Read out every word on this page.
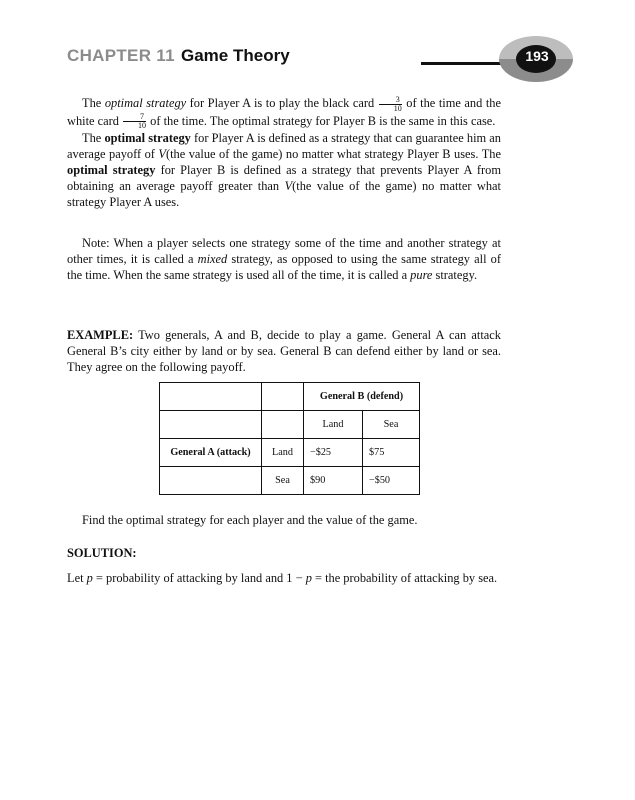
CHAPTER 11 Game Theory	193

The optimal strategy for Player A is to play the black card $\frac{3}{10}$ of the time and the white card $\frac{7}{10}$ of the time. The optimal strategy for Player B is the same in this case.

The optimal strategy for Player A is defined as a strategy that can guarantee him an average payoff of V(the value of the game) no matter what strategy Player B uses. The optimal strategy for Player B is defined as a strategy that prevents Player A from obtaining an average payoff greater than V(the value of the game) no matter what strategy Player A uses.

Note: When a player selects one strategy some of the time and another strategy at other times, it is called a mixed strategy, as opposed to using the same strategy all of the time. When the same strategy is used all of the time, it is called a pure strategy.

EXAMPLE: Two generals, A and B, decide to play a game. General A can attack General B’s city either by land or by sea. General B can defend either by land or sea. They agree on the following payoff.

		General B (defend)	
		Land	Sea
General A (attack)	Land	−$25	$75
	Sea	$90	−$50

Find the optimal strategy for each player and the value of the game.

SOLUTION:

Let p = probability of attacking by land and 1 − p = the probability of attacking by sea.
